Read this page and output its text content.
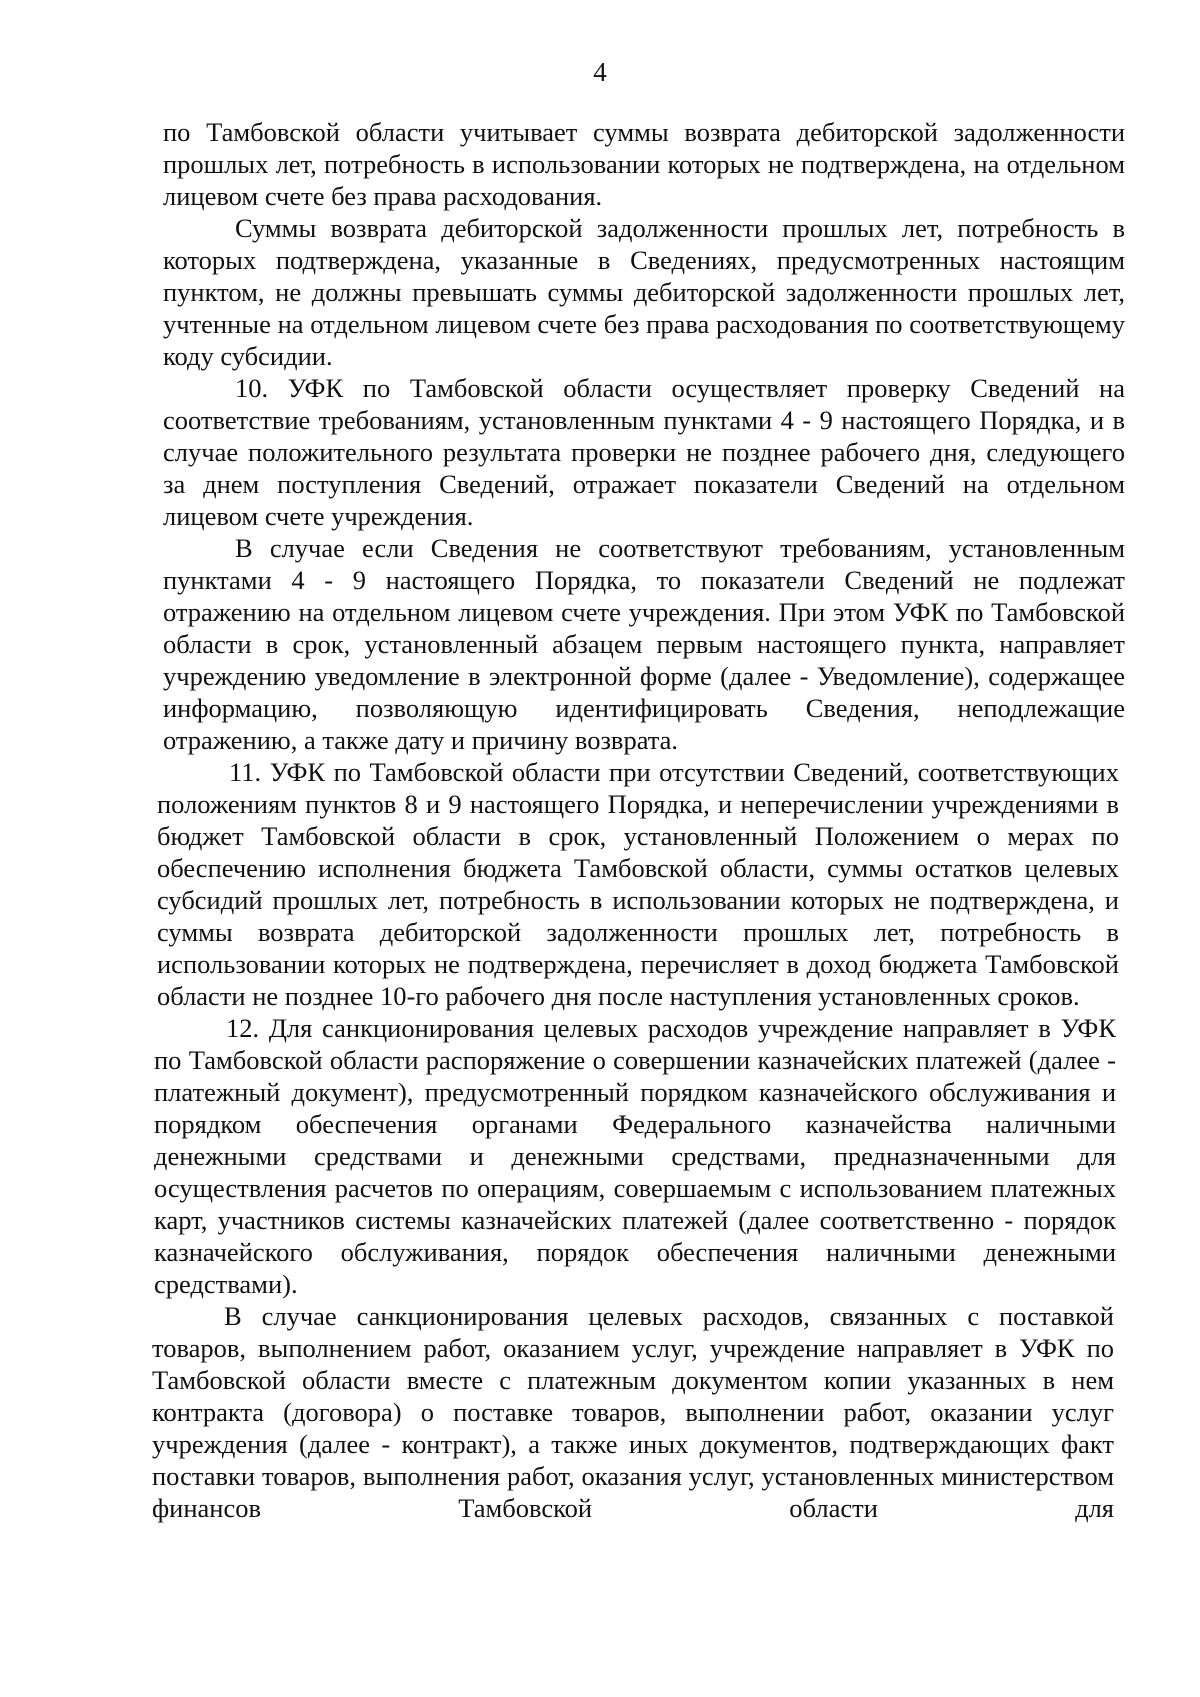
4

по Тамбовской области учитывает суммы возврата дебиторской задолженности прошлых лет, потребность в использовании которых не подтверждена, на отдельном лицевом счете без права расходования.

Суммы возврата дебиторской задолженности прошлых лет, потребность в которых подтверждена, указанные в Сведениях, предусмотренных настоящим пунктом, не должны превышать суммы дебиторской задолженности прошлых лет, учтенные на отдельном лицевом счете без права расходования по соответствующему коду субсидии.

10. УФК по Тамбовской области осуществляет проверку Сведений на соответствие требованиям, установленным пунктами 4 - 9 настоящего Порядка, и в случае положительного результата проверки не позднее рабочего дня, следующего за днем поступления Сведений, отражает показатели Сведений на отдельном лицевом счете учреждения.

В случае если Сведения не соответствуют требованиям, установленным пунктами 4 - 9 настоящего Порядка, то показатели Сведений не подлежат отражению на отдельном лицевом счете учреждения. При этом УФК по Тамбовской области в срок, установленный абзацем первым настоящего пункта, направляет учреждению уведомление в электронной форме (далее - Уведомление), содержащее информацию, позволяющую идентифицировать Сведения, неподлежащие отражению, а также дату и причину возврата.

11. УФК по Тамбовской области при отсутствии Сведений, соответствующих положениям пунктов 8 и 9 настоящего Порядка, и неперечислении учреждениями в бюджет Тамбовской области в срок, установленный Положением о мерах по обеспечению исполнения бюджета Тамбовской области, суммы остатков целевых субсидий прошлых лет, потребность в использовании которых не подтверждена, и суммы возврата дебиторской задолженности прошлых лет, потребность в использовании которых не подтверждена, перечисляет в доход бюджета Тамбовской области не позднее 10-го рабочего дня после наступления установленных сроков.

12. Для санкционирования целевых расходов учреждение направляет в УФК по Тамбовской области распоряжение о совершении казначейских платежей (далее - платежный документ), предусмотренный порядком казначейского обслуживания и порядком обеспечения органами Федерального казначейства наличными денежными средствами и денежными средствами, предназначенными для осуществления расчетов по операциям, совершаемым с использованием платежных карт, участников системы казначейских платежей (далее соответственно - порядок казначейского обслуживания, порядок обеспечения наличными денежными средствами).

В случае санкционирования целевых расходов, связанных с поставкой товаров, выполнением работ, оказанием услуг, учреждение направляет в УФК по Тамбовской области вместе с платежным документом копии указанных в нем контракта (договора) о поставке товаров, выполнении работ, оказании услуг учреждения (далее - контракт), а также иных документов, подтверждающих факт поставки товаров, выполнения работ, оказания услуг, установленных министерством финансов Тамбовской области для
